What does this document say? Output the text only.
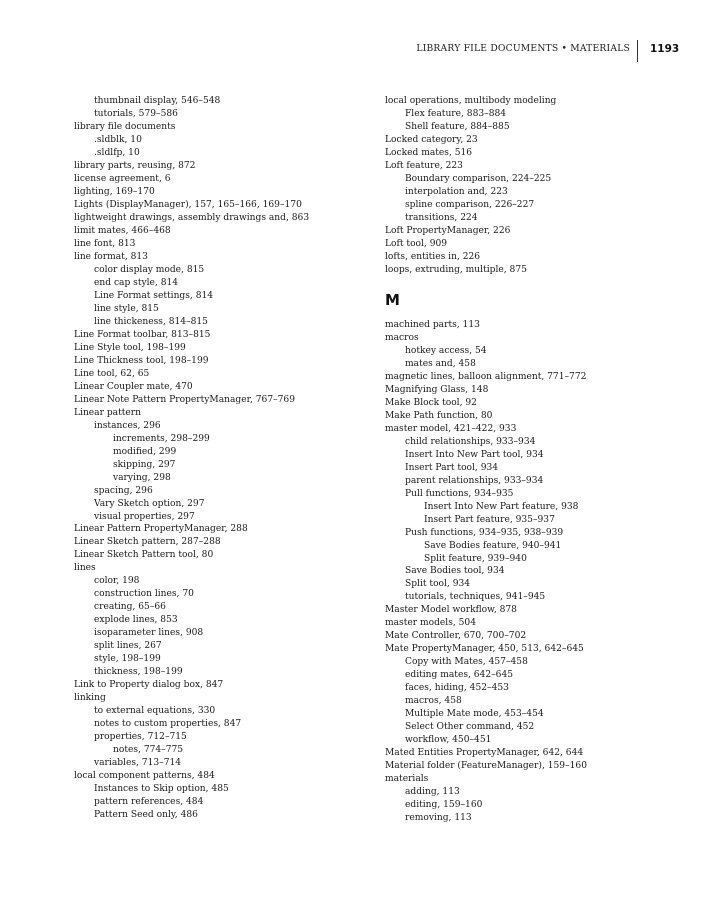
LIBRARY FILE DOCUMENTS • MATERIALS 1193
thumbnail display, 546–548
tutorials, 579–586
library file documents
.sldblk, 10
.sldlfp, 10
library parts, reusing, 872
license agreement, 6
lighting, 169–170
Lights (DisplayManager), 157, 165–166, 169–170
lightweight drawings, assembly drawings and, 863
limit mates, 466–468
line font, 813
line format, 813
color display mode, 815
end cap style, 814
Line Format settings, 814
line style, 815
line thickeness, 814–815
Line Format toolbar, 813–815
Line Style tool, 198–199
Line Thickness tool, 198–199
Line tool, 62, 65
Linear Coupler mate, 470
Linear Note Pattern PropertyManager, 767–769
Linear pattern
instances, 296
increments, 298–299
modified, 299
skipping, 297
varying, 298
spacing, 296
Vary Sketch option, 297
visual properties, 297
Linear Pattern PropertyManager, 288
Linear Sketch pattern, 287–288
Linear Sketch Pattern tool, 80
lines
color, 198
construction lines, 70
creating, 65–66
explode lines, 853
isoparameter lines, 908
split lines, 267
style, 198–199
thickness, 198–199
Link to Property dialog box, 847
linking
to external equations, 330
notes to custom properties, 847
properties, 712–715
notes, 774–775
variables, 713–714
local component patterns, 484
Instances to Skip option, 485
pattern references, 484
Pattern Seed only, 486
local operations, multibody modeling
Flex feature, 883–884
Shell feature, 884–885
Locked category, 23
Locked mates, 516
Loft feature, 223
Boundary comparison, 224–225
interpolation and, 223
spline comparison, 226–227
transitions, 224
Loft PropertyManager, 226
Loft tool, 909
lofts, entities in, 226
loops, extruding, multiple, 875
M
machined parts, 113
macros
hotkey access, 54
mates and, 458
magnetic lines, balloon alignment, 771–772
Magnifying Glass, 148
Make Block tool, 92
Make Path function, 80
master model, 421–422, 933
child relationships, 933–934
Insert Into New Part tool, 934
Insert Part tool, 934
parent relationships, 933–934
Pull functions, 934–935
Insert Into New Part feature, 938
Insert Part feature, 935–937
Push functions, 934–935, 938–939
Save Bodies feature, 940–941
Split feature, 939–940
Save Bodies tool, 934
Split tool, 934
tutorials, techniques, 941–945
Master Model workflow, 878
master models, 504
Mate Controller, 670, 700–702
Mate PropertyManager, 450, 513, 642–645
Copy with Mates, 457–458
editing mates, 642–645
faces, hiding, 452–453
macros, 458
Multiple Mate mode, 453–454
Select Other command, 452
workflow, 450–451
Mated Entities PropertyManager, 642, 644
Material folder (FeatureManager), 159–160
materials
adding, 113
editing, 159–160
removing, 113
